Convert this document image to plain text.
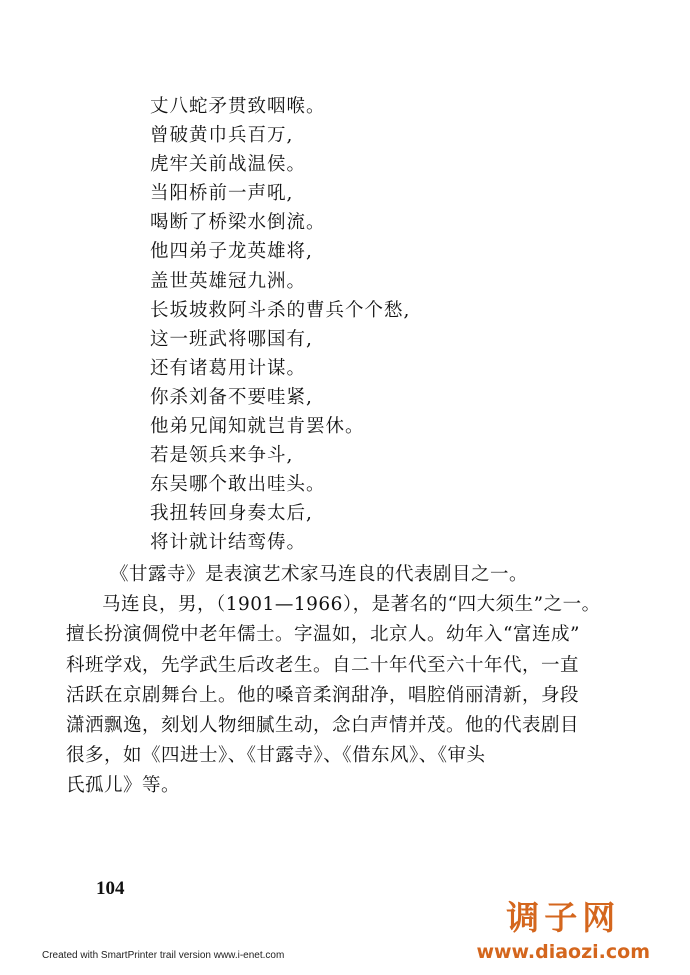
丈八蛇矛贯致咽喉。
曾破黄巾兵百万,
虎牢关前战温侯。
当阳桥前一声吼,
喝断了桥梁水倒流。
他四弟子龙英雄将,
盖世英雄冠九洲。
长坂坡救阿斗杀的曹兵个个愁,
这一班武将哪国有,
还有诸葛用计谋。
你杀刘备不要哇紧,
他弟兄闻知就岂肯罢休。
若是领兵来争斗,
东吴哪个敢出哇头。
我扭转回身奏太后,
将计就计结鸾俦。
《甘露寺》是表演艺术家马连良的代表剧目之一。
马连良，男，（1901—1966），是著名的“四大须生”之一。
擅长扮演倜傥中老年儒士。字温如，北京人。幼年入“富连成”
科班学戏，先学武生后改老生。自二十年代至六十年代，一直
活跃在京剧舞台上。他的嗓音柔润甜净，唱腔俏丽清新，身段
潇洒飘逸，刻划人物细腻生动，念白声情并茂。他的代表剧目
很多，如《四进士》、《甘露寺》、《借东风》、《审头
氏孤儿》等。
104
Created with SmartPrinter trail version www.i-enet.com
调子网
www.diaozi.com
